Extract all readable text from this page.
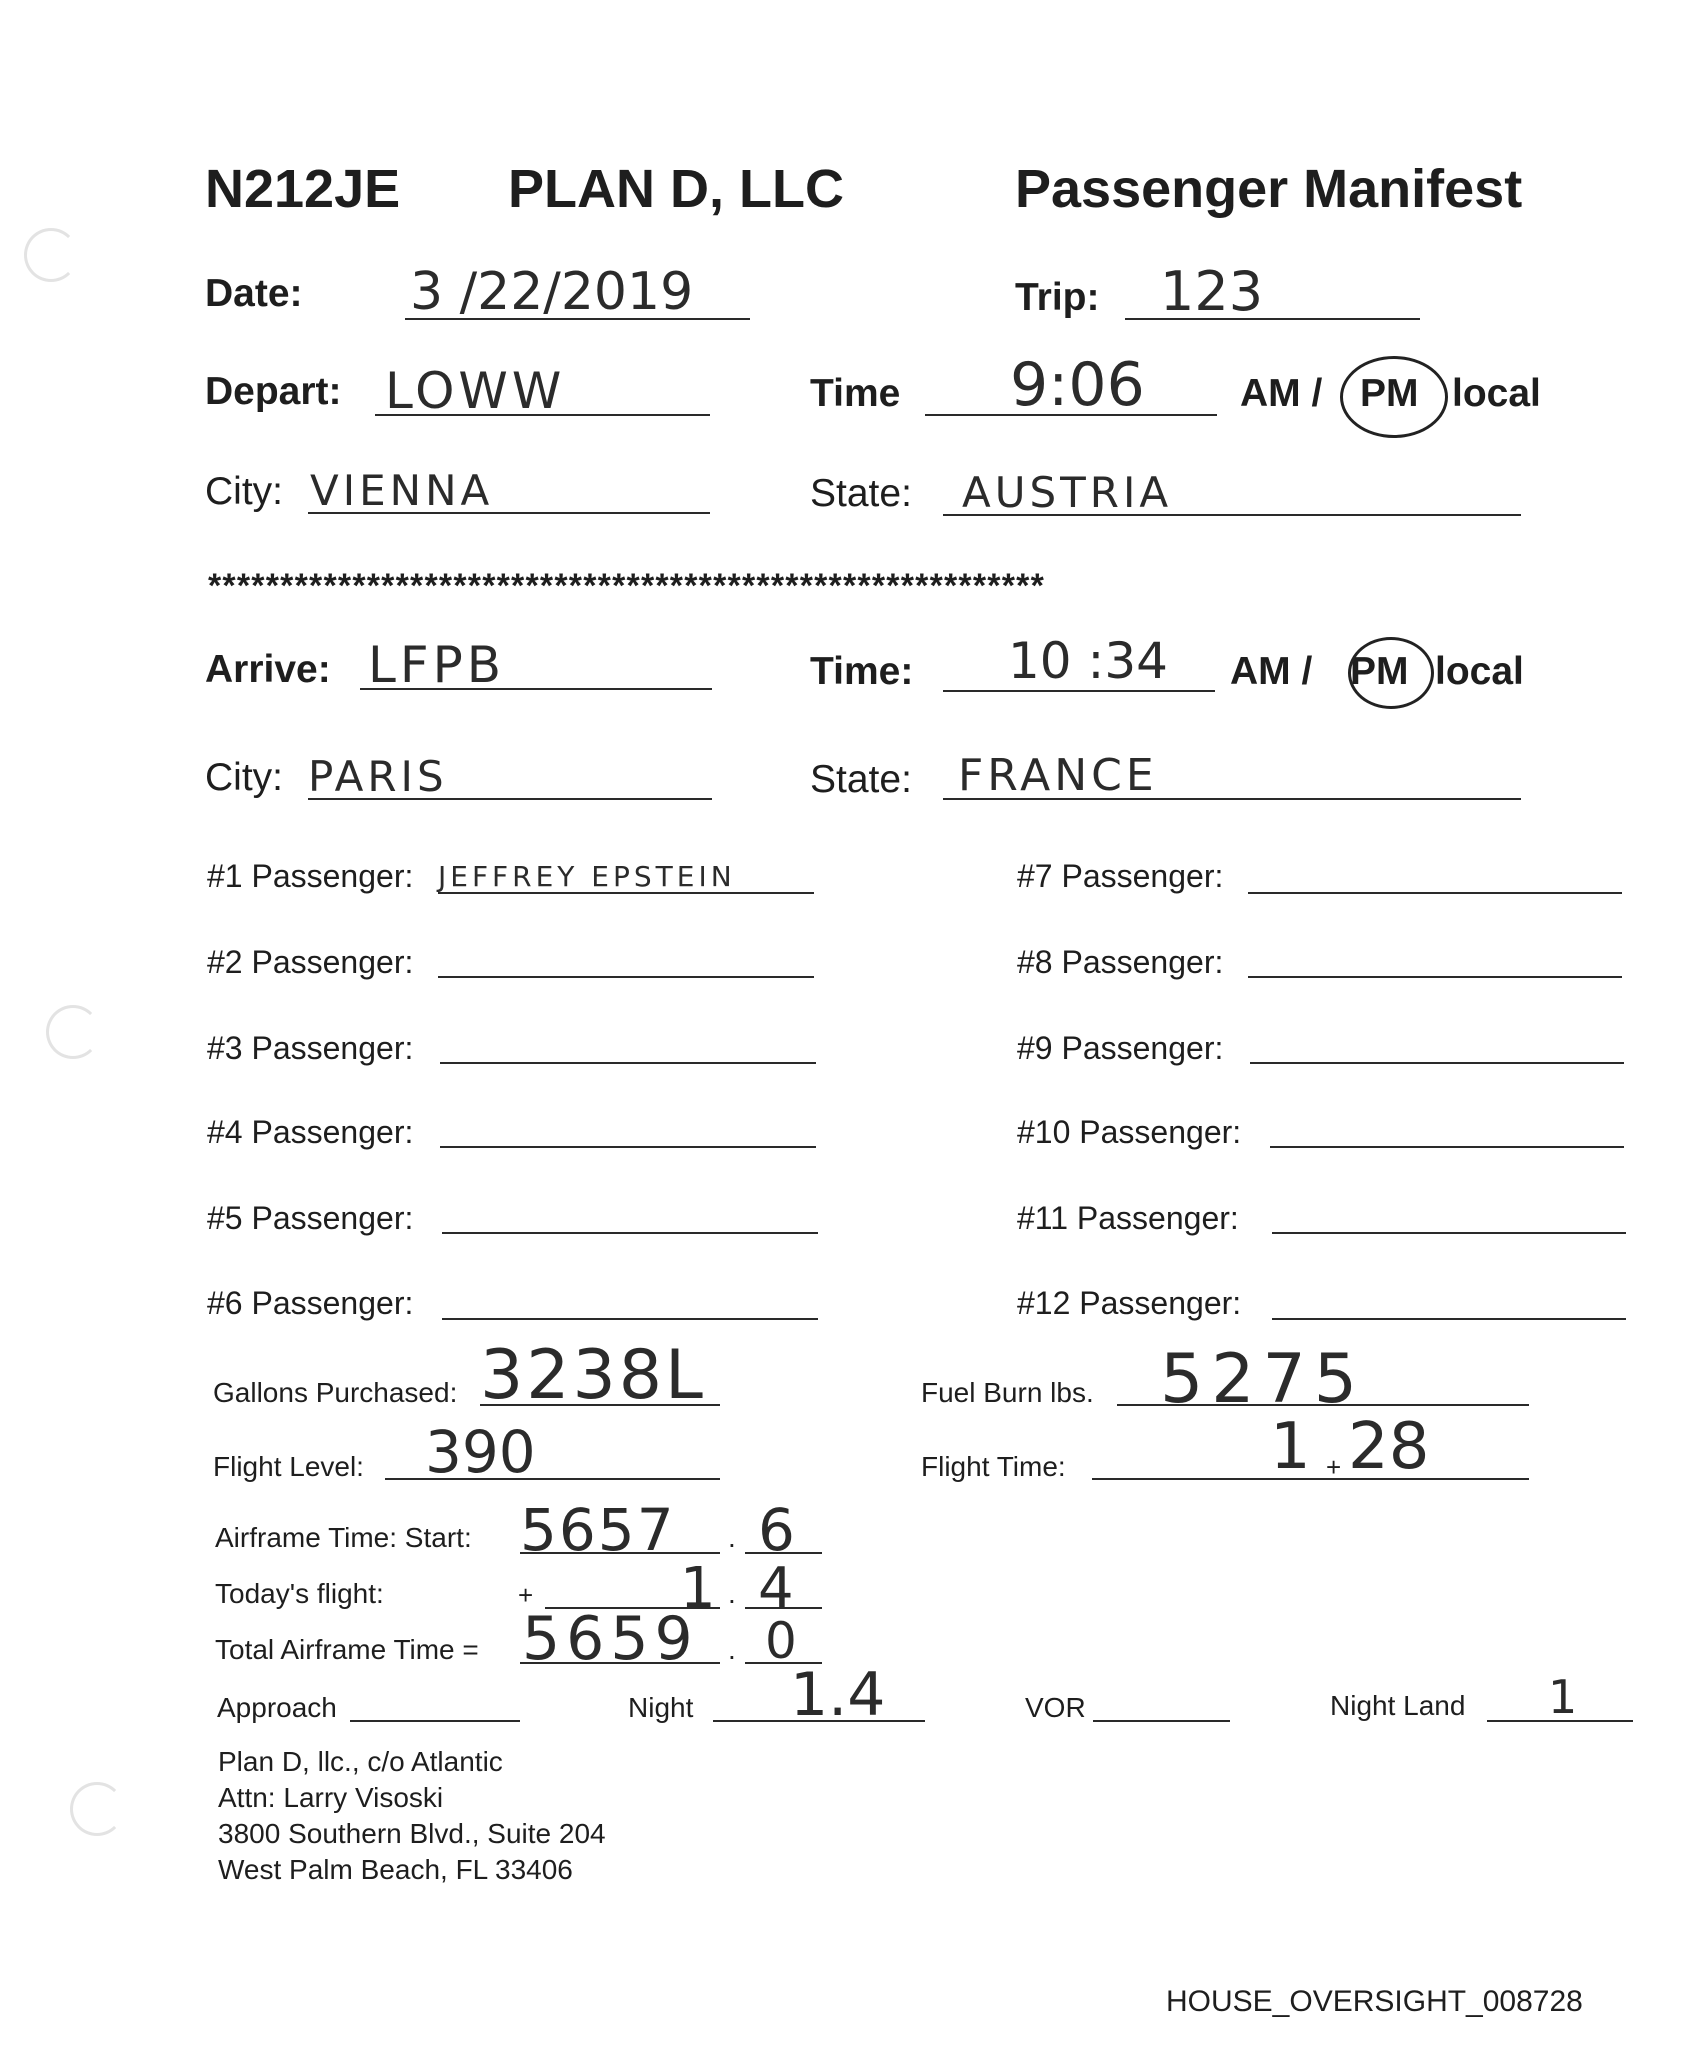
N212JE PLAN D, LLC	Passenger Manifest
Date: 3 /22/2019	Trip: 123
Depart: LOWW	Time 9:06 AM / PM local
City: VIENNA	State: AUSTRIA
**********************************************************
Arrive: LFPB	Time: 10 :34 AM / PM local
City: PARIS	State: FRANCE
#1 Passenger: JEFFREY EPSTEIN
#2 Passenger:
#3 Passenger:
#4 Passenger:
#5 Passenger:
#6 Passenger:
#7 Passenger:
#8 Passenger:
#9 Passenger:
#10 Passenger:
#11 Passenger:
#12 Passenger:
Gallons Purchased: 3238L	Fuel Burn lbs. 5275
Flight Level: 390	Flight Time:	1 + 28
Airframe Time: Start: 5657 . 6
Today's flight:	+	1 . 4
Total Airframe Time = 5659 . 0
Approach	Night 1.4	VOR	Night Land 1
Plan D, llc., c/o Atlantic
Attn: Larry Visoski
3800 Southern Blvd., Suite 204
West Palm Beach, FL 33406
HOUSE_OVERSIGHT_008728
